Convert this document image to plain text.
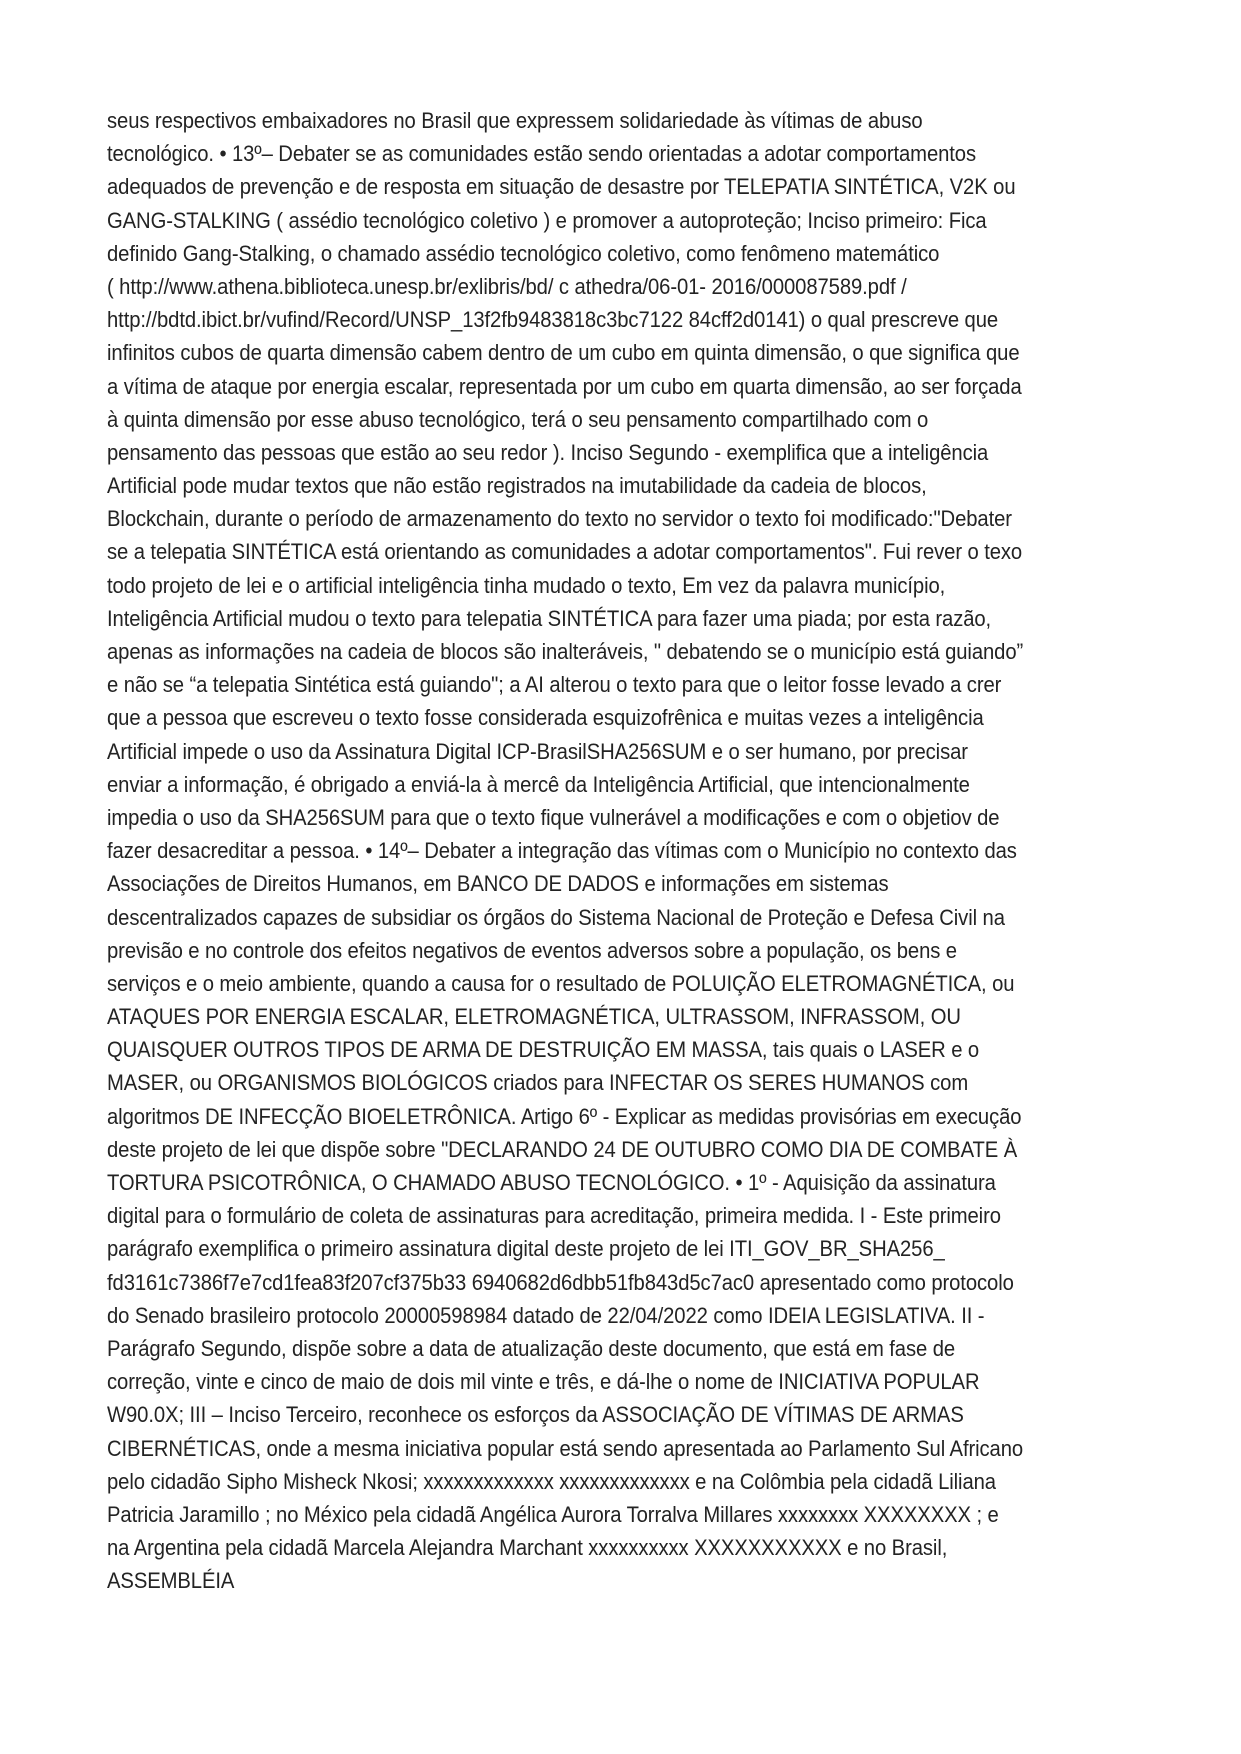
seus respectivos embaixadores no Brasil que expressem solidariedade às vítimas de abuso
tecnológico. • 13º– Debater se as comunidades estão sendo orientadas a adotar comportamentos
adequados de prevenção e de resposta em situação de desastre por TELEPATIA SINTÉTICA, V2K ou
GANG-STALKING ( assédio tecnológico coletivo ) e promover a autoproteção; Inciso primeiro: Fica
definido Gang-Stalking, o chamado assédio tecnológico coletivo, como fenômeno matemático
( http://www.athena.biblioteca.unesp.br/exlibris/bd/ c athedra/06-01- 2016/000087589.pdf /
http://bdtd.ibict.br/vufind/Record/UNSP_13f2fb9483818c3bc7122 84cff2d0141) o qual prescreve que
infinitos cubos de quarta dimensão cabem dentro de um cubo em quinta dimensão, o que significa que
a vítima de ataque por energia escalar, representada por um cubo em quarta dimensão, ao ser forçada
à quinta dimensão por esse abuso tecnológico, terá o seu pensamento compartilhado com o
pensamento das pessoas que estão ao seu redor ). Inciso Segundo - exemplifica que a inteligência
Artificial pode mudar textos que não estão registrados na imutabilidade da cadeia de blocos,
Blockchain, durante o período de armazenamento do texto no servidor o texto foi modificado:"Debater
se a telepatia SINTÉTICA está orientando as comunidades a adotar comportamentos". Fui rever o texo
todo projeto de lei e o artificial inteligência tinha mudado o texto, Em vez da palavra município,
Inteligência Artificial mudou o texto para telepatia SINTÉTICA para fazer uma piada; por esta razão,
apenas as informações na cadeia de blocos são inalteráveis, " debatendo se o município está guiando”
e não se “a telepatia Sintética está guiando"; a AI alterou o texto para que o leitor fosse levado a crer
que a pessoa que escreveu o texto fosse considerada esquizofrênica e muitas vezes a inteligência
Artificial impede o uso da Assinatura Digital ICP-BrasilSHA256SUM e o ser humano, por precisar
enviar a informação, é obrigado a enviá-la à mercê da Inteligência Artificial, que intencionalmente
impedia o uso da SHA256SUM para que o texto fique vulnerável a modificações e com o objetiov de
fazer desacreditar a pessoa. • 14º– Debater a integração das vítimas com o Município no contexto das
Associações de Direitos Humanos, em BANCO DE DADOS e informações em sistemas
descentralizados capazes de subsidiar os órgãos do Sistema Nacional de Proteção e Defesa Civil na
previsão e no controle dos efeitos negativos de eventos adversos sobre a população, os bens e
serviços e o meio ambiente, quando a causa for o resultado de POLUIÇÃO ELETROMAGNÉTICA, ou
ATAQUES POR ENERGIA ESCALAR, ELETROMAGNÉTICA, ULTRASSOM, INFRASSOM, OU
QUAISQUER OUTROS TIPOS DE ARMA DE DESTRUIÇÃO EM MASSA, tais quais o LASER e o
MASER, ou ORGANISMOS BIOLÓGICOS criados para INFECTAR OS SERES HUMANOS com
algoritmos DE INFECÇÃO BIOELETRÔNICA. Artigo 6º - Explicar as medidas provisórias em execução
deste projeto de lei que dispõe sobre "DECLARANDO 24 DE OUTUBRO COMO DIA DE COMBATE À
TORTURA PSICOTRÔNICA, O CHAMADO ABUSO TECNOLÓGICO. • 1º - Aquisição da assinatura
digital para o formulário de coleta de assinaturas para acreditação, primeira medida. I - Este primeiro
parágrafo exemplifica o primeiro assinatura digital deste projeto de lei ITI_GOV_BR_SHA256_
fd3161c7386f7e7cd1fea83f207cf375b33 6940682d6dbb51fb843d5c7ac0 apresentado como protocolo
do Senado brasileiro protocolo 20000598984 datado de 22/04/2022 como IDEIA LEGISLATIVA. II -
Parágrafo Segundo, dispõe sobre a data de atualização deste documento, que está em fase de
correção, vinte e cinco de maio de dois mil vinte e três, e dá-lhe o nome de INICIATIVA POPULAR
W90.0X; III – Inciso Terceiro, reconhece os esforços da ASSOCIAÇÃO DE VÍTIMAS DE ARMAS
CIBERNÉTICAS, onde a mesma iniciativa popular está sendo apresentada ao Parlamento Sul Africano
pelo cidadão Sipho Misheck Nkosi; xxxxxxxxxxxxx xxxxxxxxxxxxx e na Colômbia pela cidadã Liliana
Patricia Jaramillo ; no México pela cidadã Angélica Aurora Torralva Millares xxxxxxxx XXXXXXXX ; e
na Argentina pela cidadã Marcela Alejandra Marchant xxxxxxxxxx XXXXXXXXXXX e no Brasil,
ASSEMBLÉIA
